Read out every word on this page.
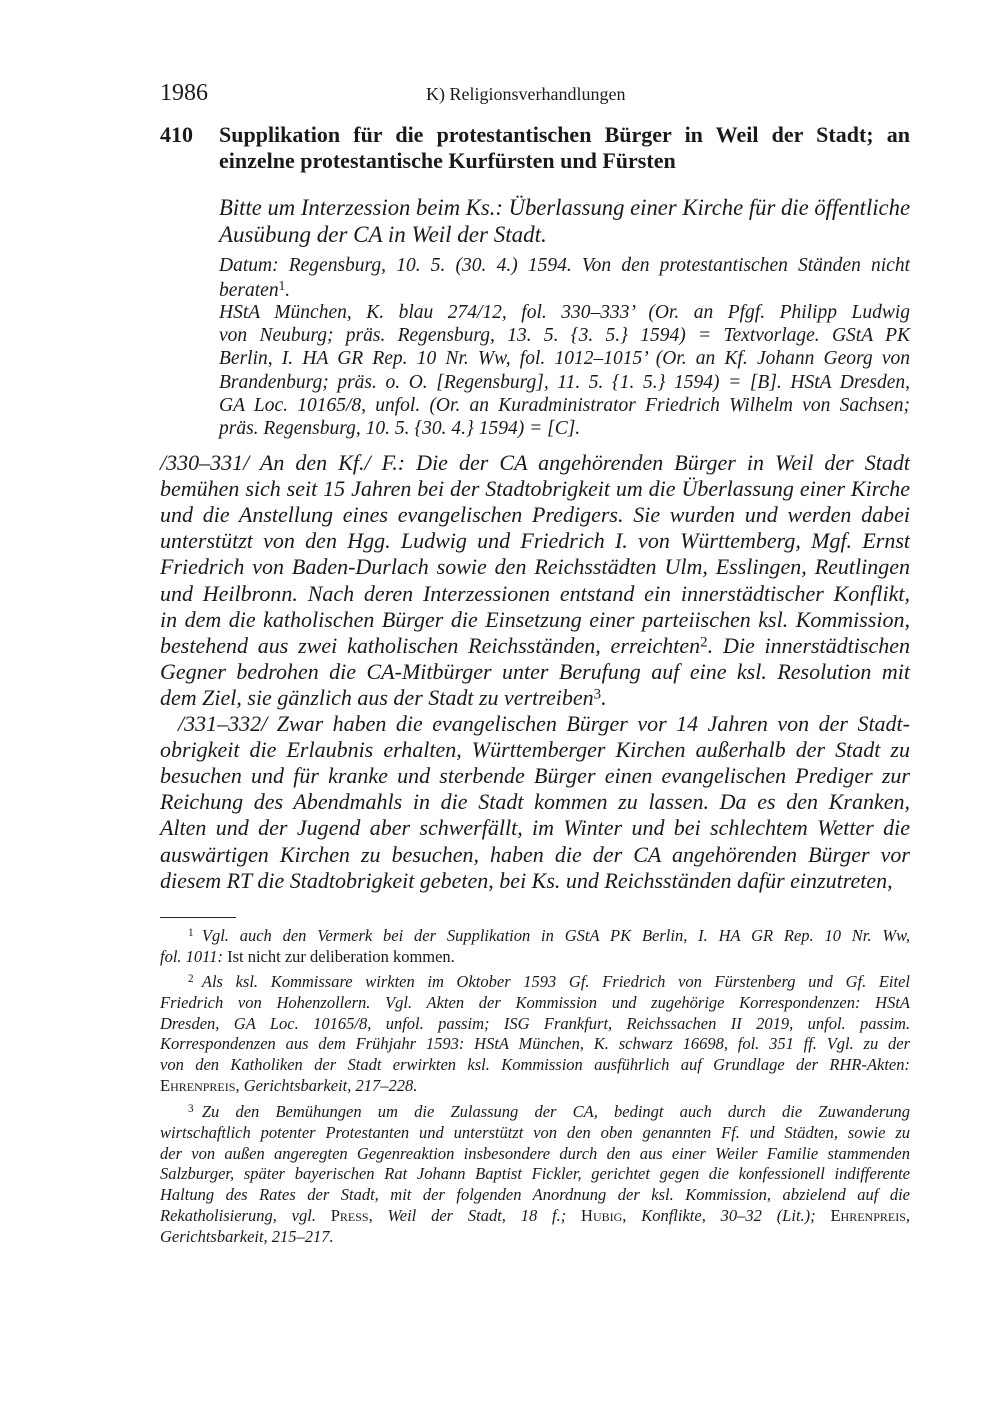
1986	K) Religionsverhandlungen
410 Supplikation für die protestantischen Bürger in Weil der Stadt; an
einzelne protestantische Kurfürsten und Fürsten
Bitte um Interzession beim Ks.: Überlassung einer Kirche für die öffentliche
Ausübung der CA in Weil der Stadt.
Datum: Regensburg, 10. 5. (30. 4.) 1594. Von den protestantischen Ständen nicht
beraten$^1$.
HStA München, K. blau 274/12, fol. 330–333’ (Or. an Pfgf. Philipp Ludwig
von Neuburg; präs. Regensburg, 13. 5. {3. 5.} 1594) = Textvorlage. GStA PK
Berlin, I. HA GR Rep. 10 Nr. Ww, fol. 1012–1015’ (Or. an Kf. Johann Georg von
Brandenburg; präs. o. O. [Regensburg], 11. 5. {1. 5.} 1594) = [B]. HStA Dresden,
GA Loc. 10165/8, unfol. (Or. an Kuradministrator Friedrich Wilhelm von Sachsen;
präs. Regensburg, 10. 5. {30. 4.} 1594) = [C].
/330–331/ An den Kf./ F.: Die der CA angehörenden Bürger in Weil der Stadt
bemühen sich seit 15 Jahren bei der Stadtobrigkeit um die Überlassung einer Kirche
und die Anstellung eines evangelischen Predigers. Sie wurden und werden dabei
unterstützt von den Hgg. Ludwig und Friedrich I. von Württemberg, Mgf. Ernst
Friedrich von Baden-Durlach sowie den Reichsstädten Ulm, Esslingen, Reutlingen
und Heilbronn. Nach deren Interzessionen entstand ein innerstädtischer Konflikt,
in dem die katholischen Bürger die Einsetzung einer parteiischen ksl. Kommission,
bestehend aus zwei katholischen Reichsständen, erreichten$^2$. Die innerstädtischen
Gegner bedrohen die CA-Mitbürger unter Berufung auf eine ksl. Resolution mit
dem Ziel, sie gänzlich aus der Stadt zu vertreiben$^3$.
/331–332/ Zwar haben die evangelischen Bürger vor 14 Jahren von der Stadt-
obrigkeit die Erlaubnis erhalten, Württemberger Kirchen außerhalb der Stadt zu
besuchen und für kranke und sterbende Bürger einen evangelischen Prediger zur
Reichung des Abendmahls in die Stadt kommen zu lassen. Da es den Kranken,
Alten und der Jugend aber schwerfällt, im Winter und bei schlechtem Wetter die
auswärtigen Kirchen zu besuchen, haben die der CA angehörenden Bürger vor
diesem RT die Stadtobrigkeit gebeten, bei Ks. und Reichsständen dafür einzutreten,
$^1$  Vgl. auch den Vermerk bei der Supplikation in GStA PK Berlin, I. HA GR Rep. 10 Nr. Ww,
fol. 1011: Ist nicht zur deliberation kommen.
$^2$  Als ksl. Kommissare wirkten im Oktober 1593 Gf. Friedrich von Fürstenberg und Gf. Eitel
Friedrich von Hohenzollern. Vgl. Akten der Kommission und zugehörige Korrespondenzen: HStA
Dresden, GA Loc. 10165/8, unfol. passim; ISG Frankfurt, Reichssachen II 2019, unfol. passim.
Korrespondenzen aus dem Frühjahr 1593: HStA München, K. schwarz 16698, fol. 351 ff. Vgl. zu der
von den Katholiken der Stadt erwirkten ksl. Kommission ausführlich auf Grundlage der RHR-Akten:
Ehrenpreis, Gerichtsbarkeit, 217–228.
$^3$  Zu den Bemühungen um die Zulassung der CA, bedingt auch durch die Zuwanderung
wirtschaftlich potenter Protestanten und unterstützt von den oben genannten Ff. und Städten, sowie zu
der von außen angeregten Gegenreaktion insbesondere durch den aus einer Weiler Familie stammenden
Salzburger, später bayerischen Rat Johann Baptist Fickler, gerichtet gegen die konfessionell indifferente
Haltung des Rates der Stadt, mit der folgenden Anordnung der ksl. Kommission, abzielend auf die
Rekatholisierung, vgl. Press, Weil der Stadt, 18 f.; Hubig, Konflikte, 30–32 (Lit.); Ehrenpreis,
Gerichtsbarkeit, 215–217.
